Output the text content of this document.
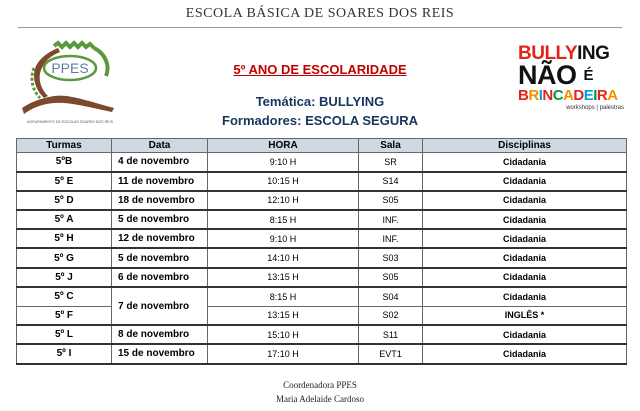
ESCOLA BÁSICA DE SOARES DOS REIS
PPES
AGRUPAMENTO DE ESCOLAS SOARES DOS REIS
5º ANO DE ESCOLARIDADE
Temática: BULLYING
Formadores: ESCOLA SEGURA
BULLYING
NÃO $^É$
BRINCADEIRA
workshops | palestras
Turmas	Data	HORA	Sala	Disciplinas
5ºB	4 de novembro	9:10 H	SR	Cidadania
5º E	11 de novembro	10:15 H	S14	Cidadania
5º D	18 de novembro	12:10 H	S05	Cidadania
5º A	5 de novembro	8:15 H	INF.	Cidadania
5º H	12 de novembro	9:10 H	INF.	Cidadania
5º G	5 de novembro	14:10 H	S03	Cidadania
5º J	6 de novembro	13:15 H	S05	Cidadania
5º C	7 de novembro	8:15 H	S04	Cidadania
5º F		13:15 H	S02	INGLÊS *
5º L	8 de novembro	15:10 H	S11	Cidadania
5º I	15 de novembro	17:10 H	EVT1	Cidadania
Coordenadora PPES
Maria Adelaide Cardoso
